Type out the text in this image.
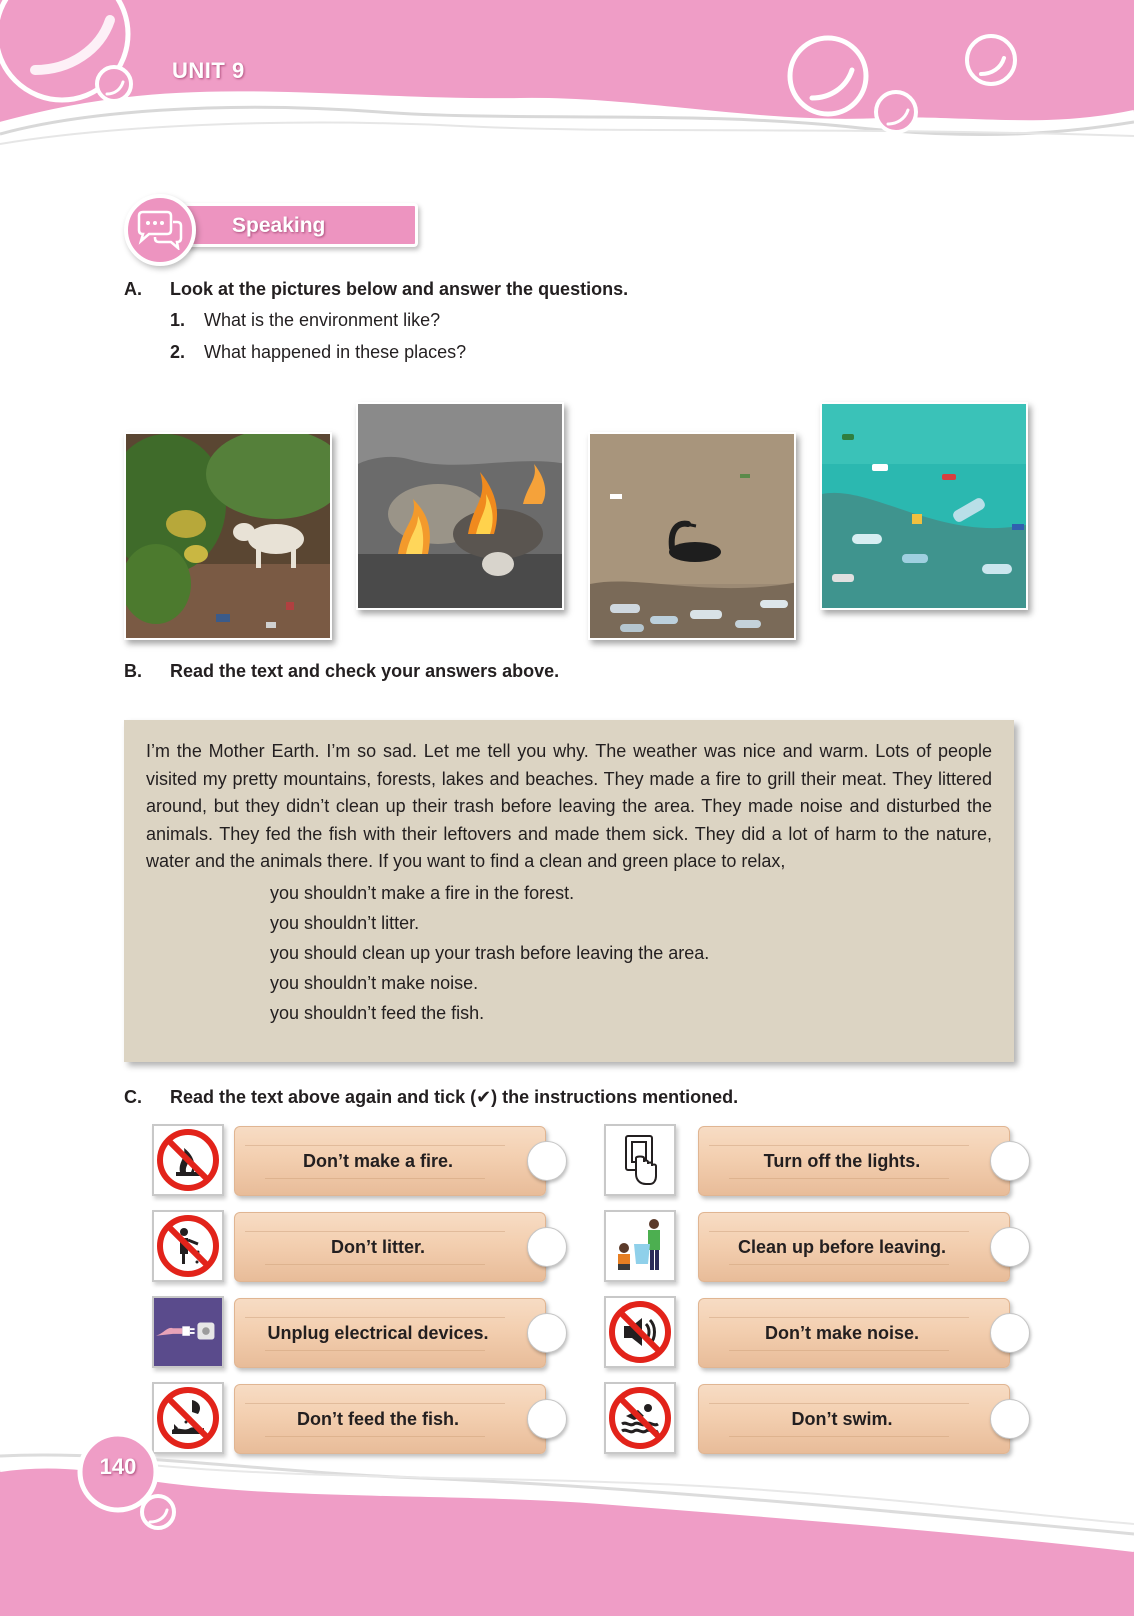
UNIT 9
Speaking
A. Look at the pictures below and answer the questions.
1. What is the environment like?
2. What happened in these places?
B. Read the text and check your answers above.

I’m the Mother Earth. I’m so sad. Let me tell you why. The weather was nice and warm. Lots of people visited my pretty mountains, forests, lakes and beaches. They made a fire to grill their meat. They littered around, but they didn’t clean up their trash before leaving the area. They made noise and disturbed the animals. They fed the fish with their leftovers and made them sick. They did a lot of harm to the nature, water and the animals there. If you want to find a clean and green place to relax,

you shouldn’t make a fire in the forest.
you shouldn’t litter.
you should clean up your trash before leaving the area.
you shouldn’t make noise.
you shouldn’t feed the fish.
C. Read the text above again and tick (✔) the instructions mentioned.
Don’t make a fire.
Don’t litter.
Unplug electrical devices.
Don’t feed the fish.
Turn off the lights.
Clean up before leaving.
Don’t make noise.
Don’t swim.
140
